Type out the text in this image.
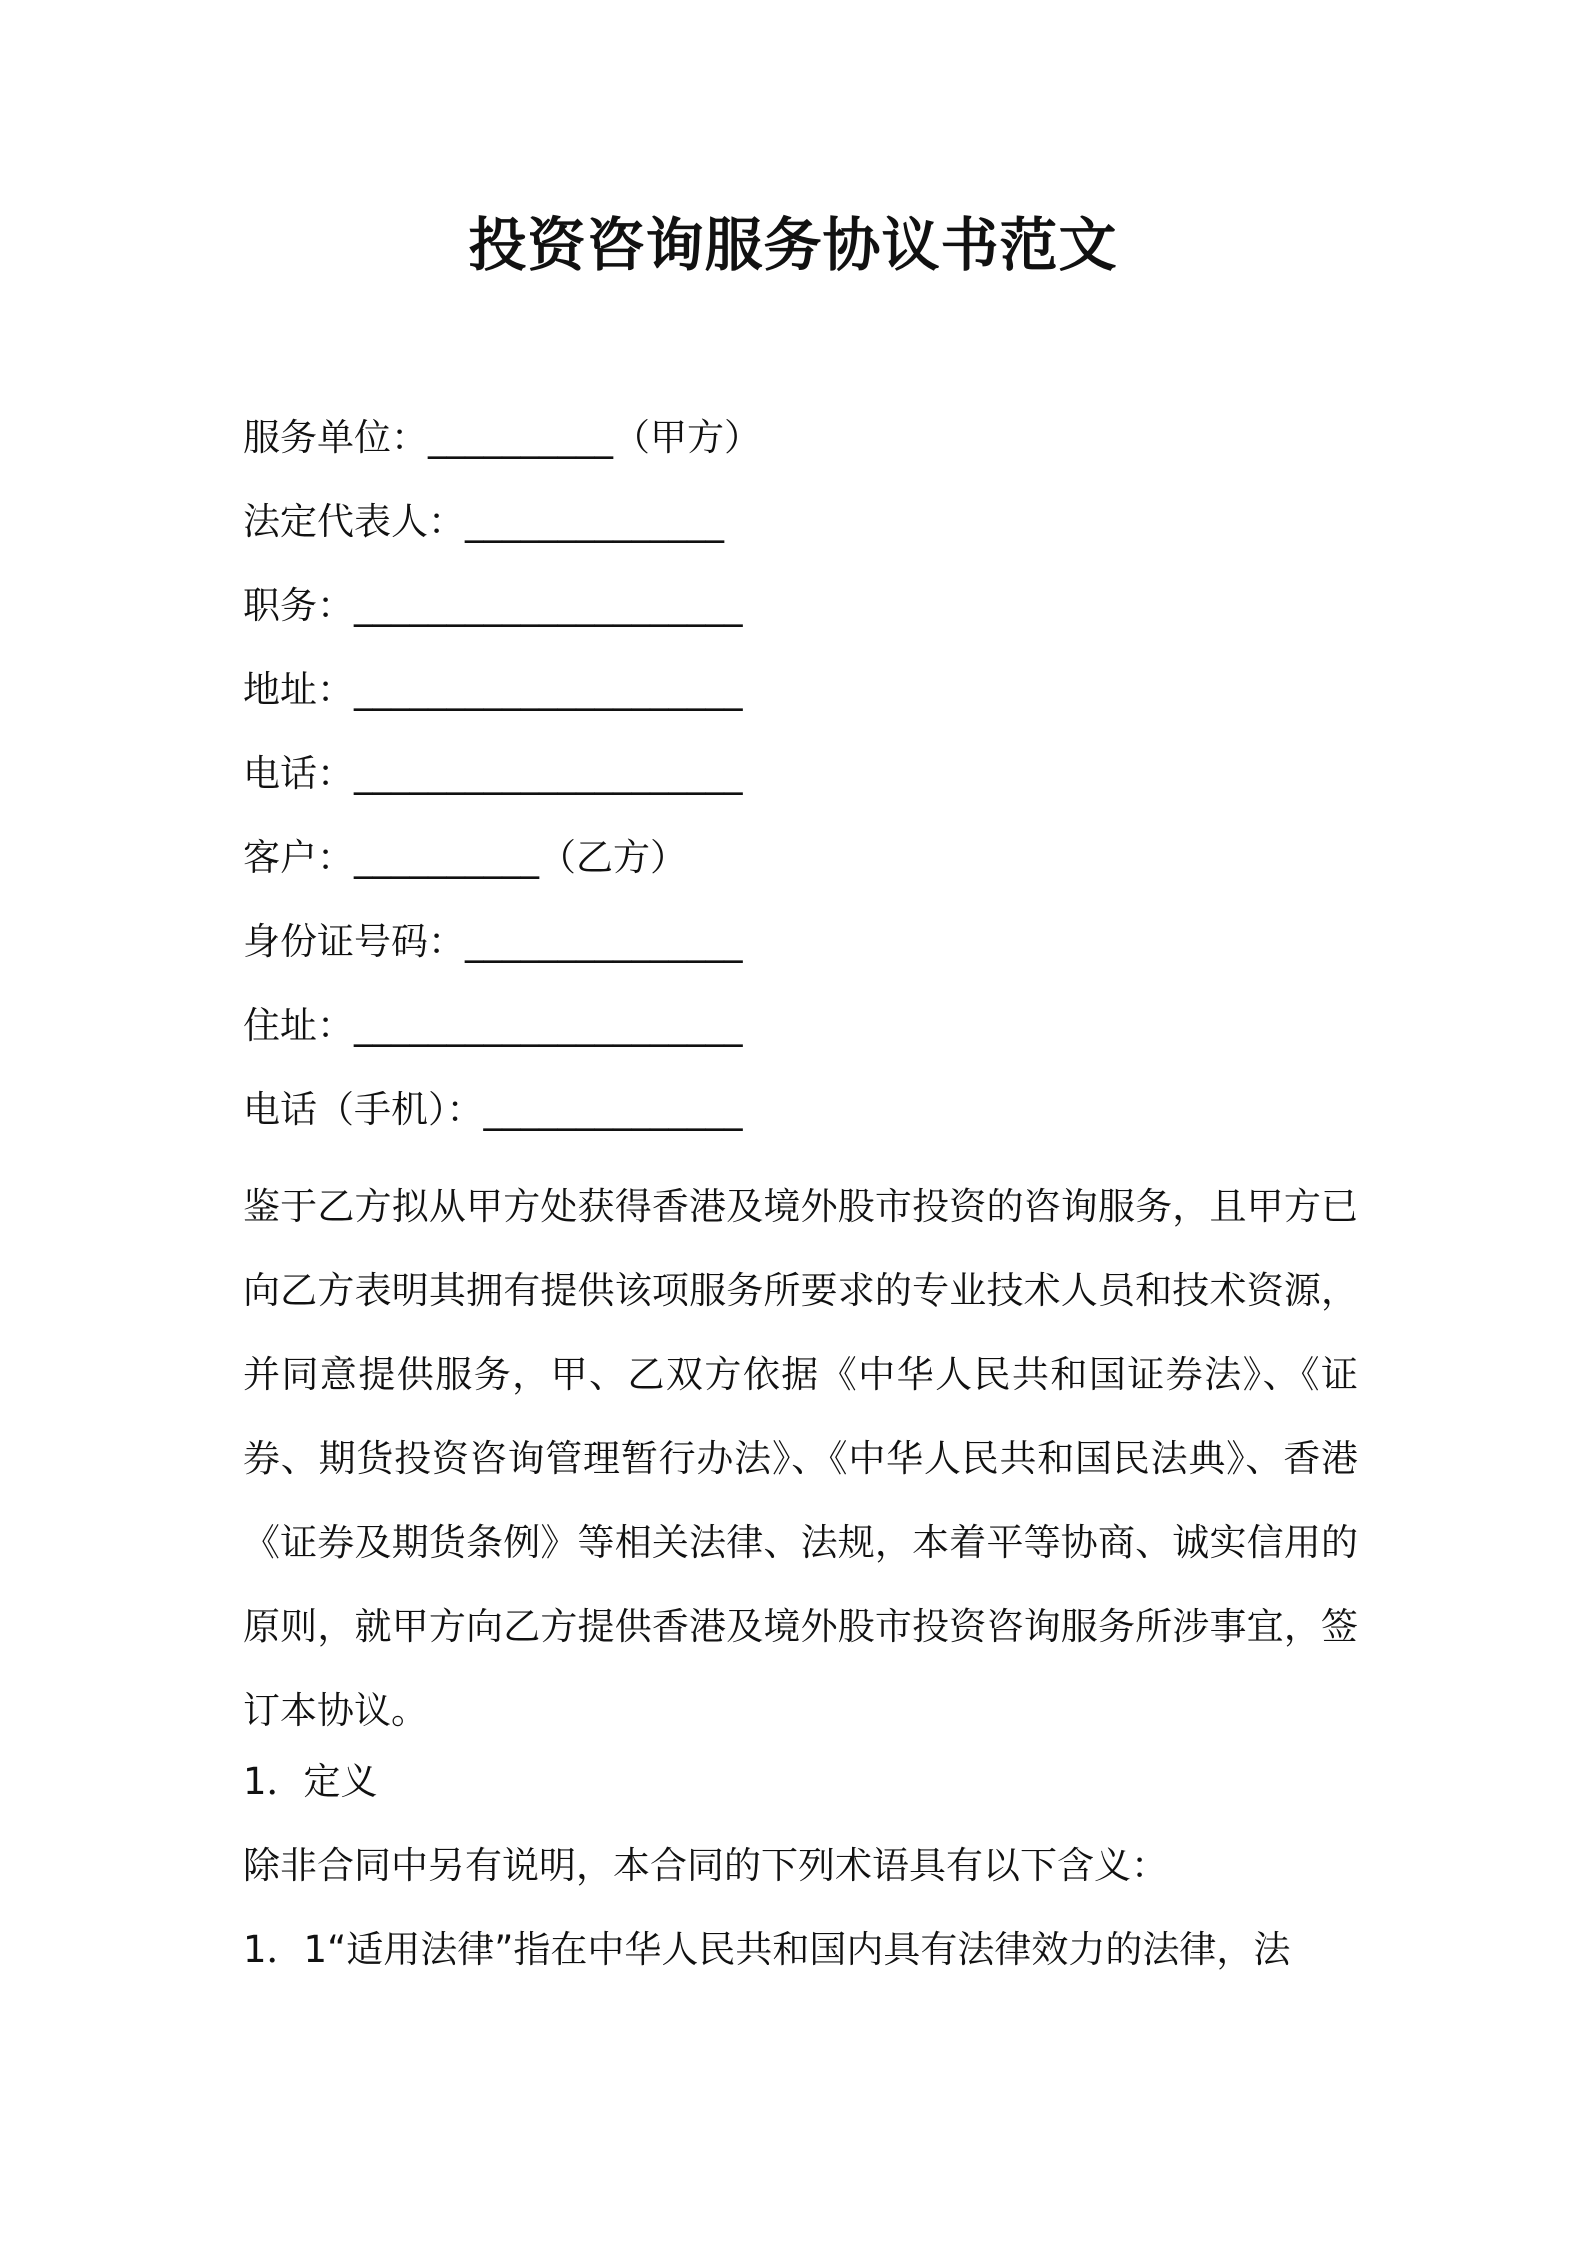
投资咨询服务协议书范文
服务单位：__________（甲方）
法定代表人：______________
职务：_____________________
地址：_____________________
电话：_____________________
客户：__________（乙方）
身份证号码：_______________
住址：_____________________
电话（手机）：______________
鉴于乙方拟从甲方处获得香港及境外股市投资的咨询服务，且甲方已向乙方表明其拥有提供该项服务所要求的专业技术人员和技术资源，并同意提供服务，甲、乙双方依据《中华人民共和国证券法》、《证券、期货投资咨询管理暂行办法》、《中华人民共和国民法典》、香港《证券及期货条例》等相关法律、法规，本着平等协商、诚实信用的原则，就甲方向乙方提供香港及境外股市投资咨询服务所涉事宜，签订本协议。
1．定义
除非合同中另有说明，本合同的下列术语具有以下含义：
1．1“适用法律”指在中华人民共和国内具有法律效力的法律，法
